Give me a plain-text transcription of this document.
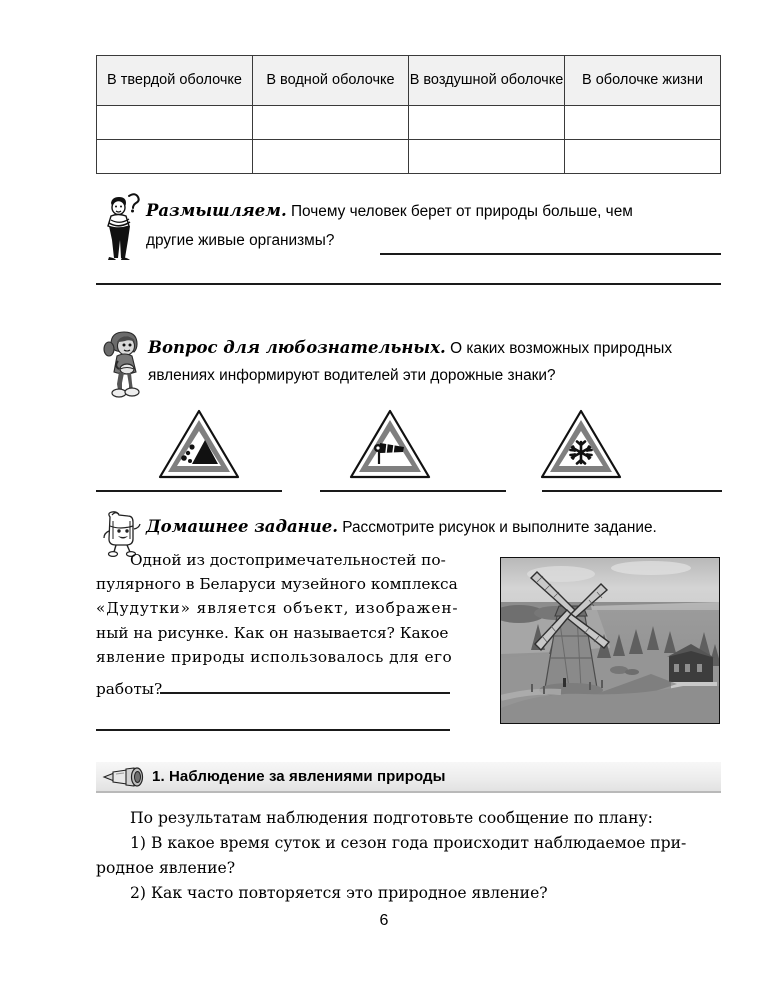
В твердой оболочке	В водной оболочке	В воздушной оболочке	В оболочке жизни

Размышляем. Почему человек берет от природы больше, чем
другие живые организмы?
Вопрос для любознательных. О каких возможных природных
явлениях информируют водителей эти дорожные знаки?
Домашнее задание. Рассмотрите рисунок и выполните задание.

Одной из достопримечательностей по-

пулярного в Беларуси музейного комплекса

«Дудутки» является объект, изображен-

ный на рисунке. Как он называется? Какое

явление природы использовалось для его

работы?

1. Наблюдение за явлениями природы

По результатам наблюдения подготовьте сообщение по плану:

1) В какое время суток и сезон года происходит наблюдаемое при-

родное явление?

2) Как часто повторяется это природное явление?

6
